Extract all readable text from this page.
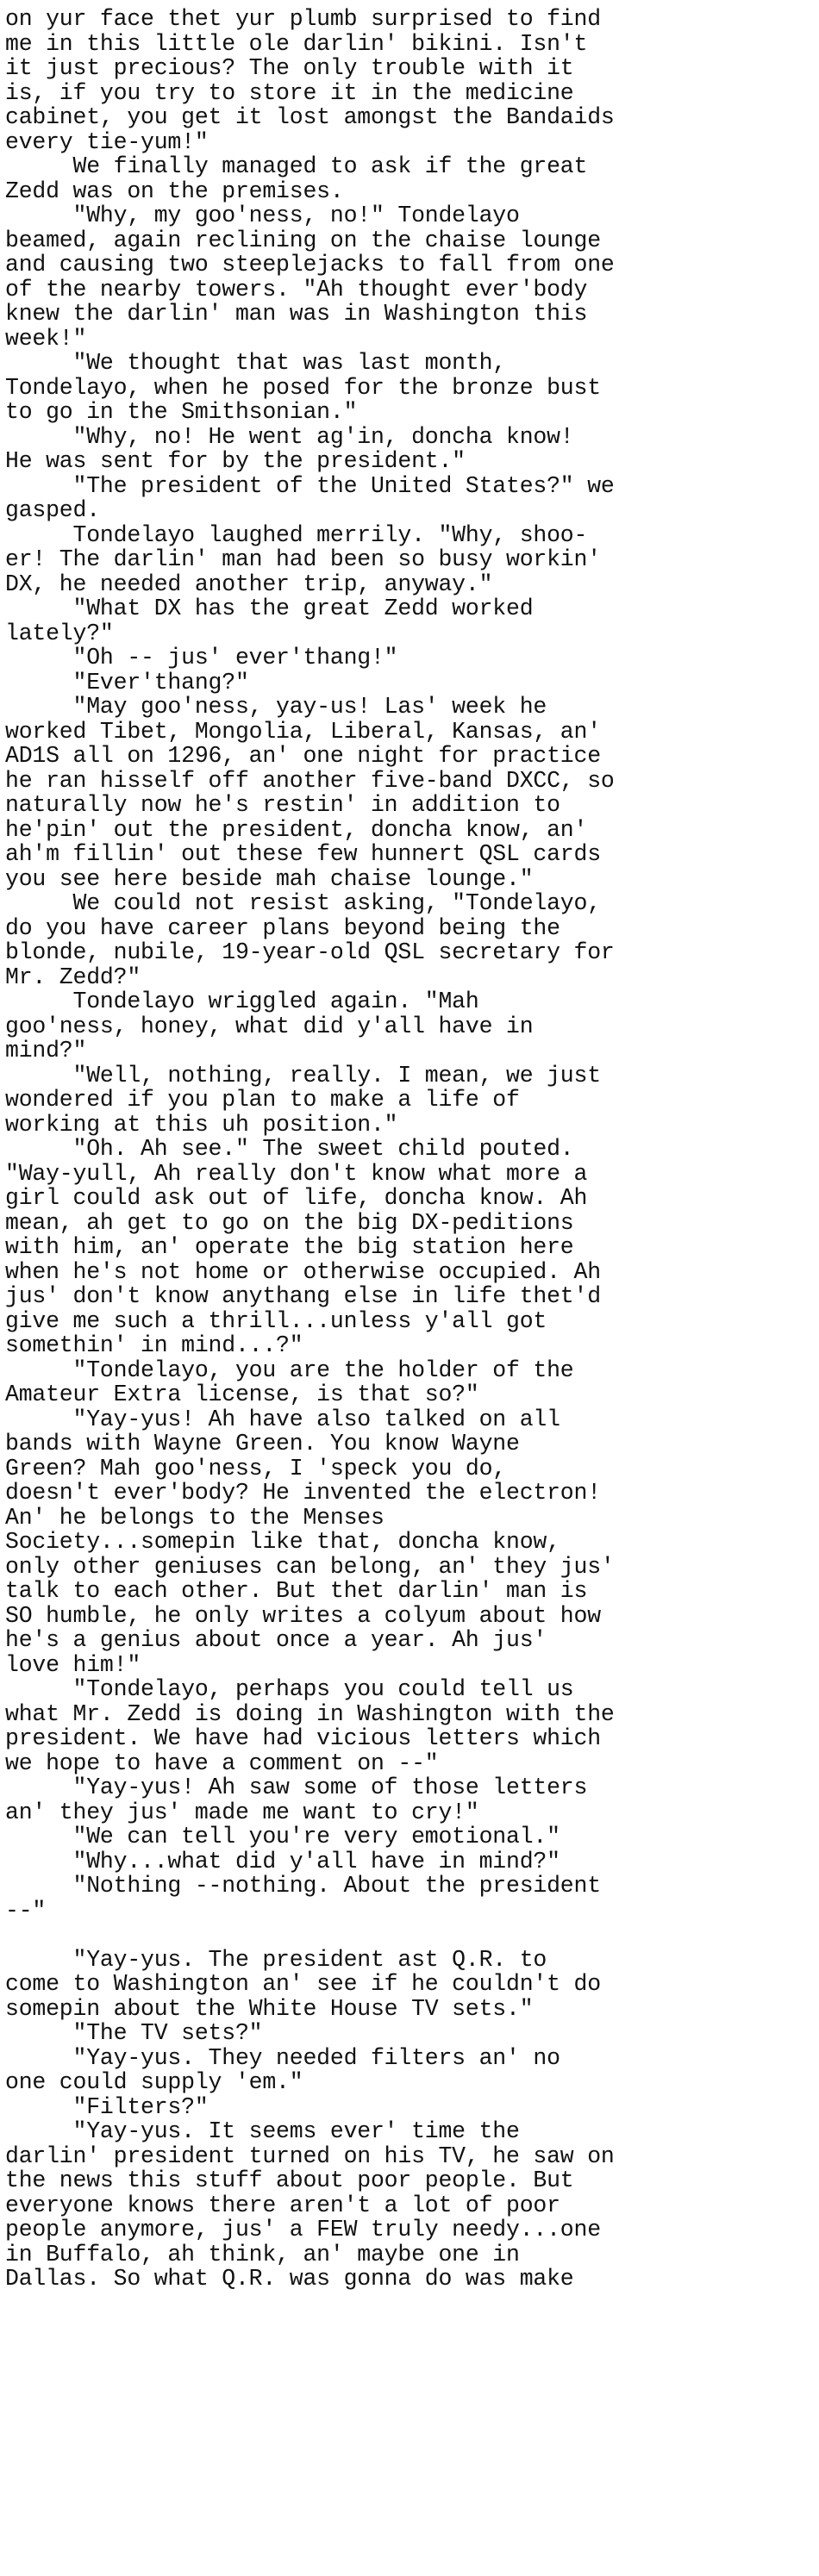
on yur face thet yur plumb surprised to find
me in this little ole darlin' bikini. Isn't
it just precious? The only trouble with it
is, if you try to store it in the medicine
cabinet, you get it lost amongst the Bandaids
every tie-yum!"
We finally managed to ask if the great
Zedd was on the premises.
"Why, my goo'ness, no!" Tondelayo
beamed, again reclining on the chaise lounge
and causing two steeplejacks to fall from one
of the nearby towers. "Ah thought ever'body
knew the darlin' man was in Washington this
week!"
"We thought that was last month,
Tondelayo, when he posed for the bronze bust
to go in the Smithsonian."
"Why, no! He went ag'in, doncha know!
He was sent for by the president."
"The president of the United States?" we
gasped.
Tondelayo laughed merrily. "Why, shoo-
er! The darlin' man had been so busy workin'
DX, he needed another trip, anyway."
"What DX has the great Zedd worked
lately?"
"Oh -- jus' ever'thang!"
"Ever'thang?"
"May goo'ness, yay-us! Las' week he
worked Tibet, Mongolia, Liberal, Kansas, an'
AD1S all on 1296, an' one night for practice
he ran hisself off another five-band DXCC, so
naturally now he's restin' in addition to
he'pin' out the president, doncha know, an'
ah'm fillin' out these few hunnert QSL cards
you see here beside mah chaise lounge."
We could not resist asking, "Tondelayo,
do you have career plans beyond being the
blonde, nubile, 19-year-old QSL secretary for
Mr. Zedd?"
Tondelayo wriggled again. "Mah
goo'ness, honey, what did y'all have in
mind?"
"Well, nothing, really. I mean, we just
wondered if you plan to make a life of
working at this uh position."
"Oh. Ah see." The sweet child pouted.
"Way-yull, Ah really don't know what more a
girl could ask out of life, doncha know. Ah
mean, ah get to go on the big DX-peditions
with him, an' operate the big station here
when he's not home or otherwise occupied. Ah
jus' don't know anythang else in life thet'd
give me such a thrill...unless y'all got
somethin' in mind...?"
"Tondelayo, you are the holder of the
Amateur Extra license, is that so?"
"Yay-yus! Ah have also talked on all
bands with Wayne Green. You know Wayne
Green? Mah goo'ness, I 'speck you do,
doesn't ever'body? He invented the electron!
An' he belongs to the Menses
Society...somepin like that, doncha know,
only other geniuses can belong, an' they jus'
talk to each other. But thet darlin' man is
SO humble, he only writes a colyum about how
he's a genius about once a year. Ah jus'
love him!"
"Tondelayo, perhaps you could tell us
what Mr. Zedd is doing in Washington with the
president. We have had vicious letters which
we hope to have a comment on --"
"Yay-yus! Ah saw some of those letters
an' they jus' made me want to cry!"
"We can tell you're very emotional."
"Why...what did y'all have in mind?"
"Nothing --nothing. About the president
--"
"Yay-yus. The president ast Q.R. to
come to Washington an' see if he couldn't do
somepin about the White House TV sets."
"The TV sets?"
"Yay-yus. They needed filters an' no
one could supply 'em."
"Filters?"
"Yay-yus. It seems ever' time the
darlin' president turned on his TV, he saw on
the news this stuff about poor people. But
everyone knows there aren't a lot of poor
people anymore, jus' a FEW truly needy...one
in Buffalo, ah think, an' maybe one in
Dallas. So what Q.R. was gonna do was make
